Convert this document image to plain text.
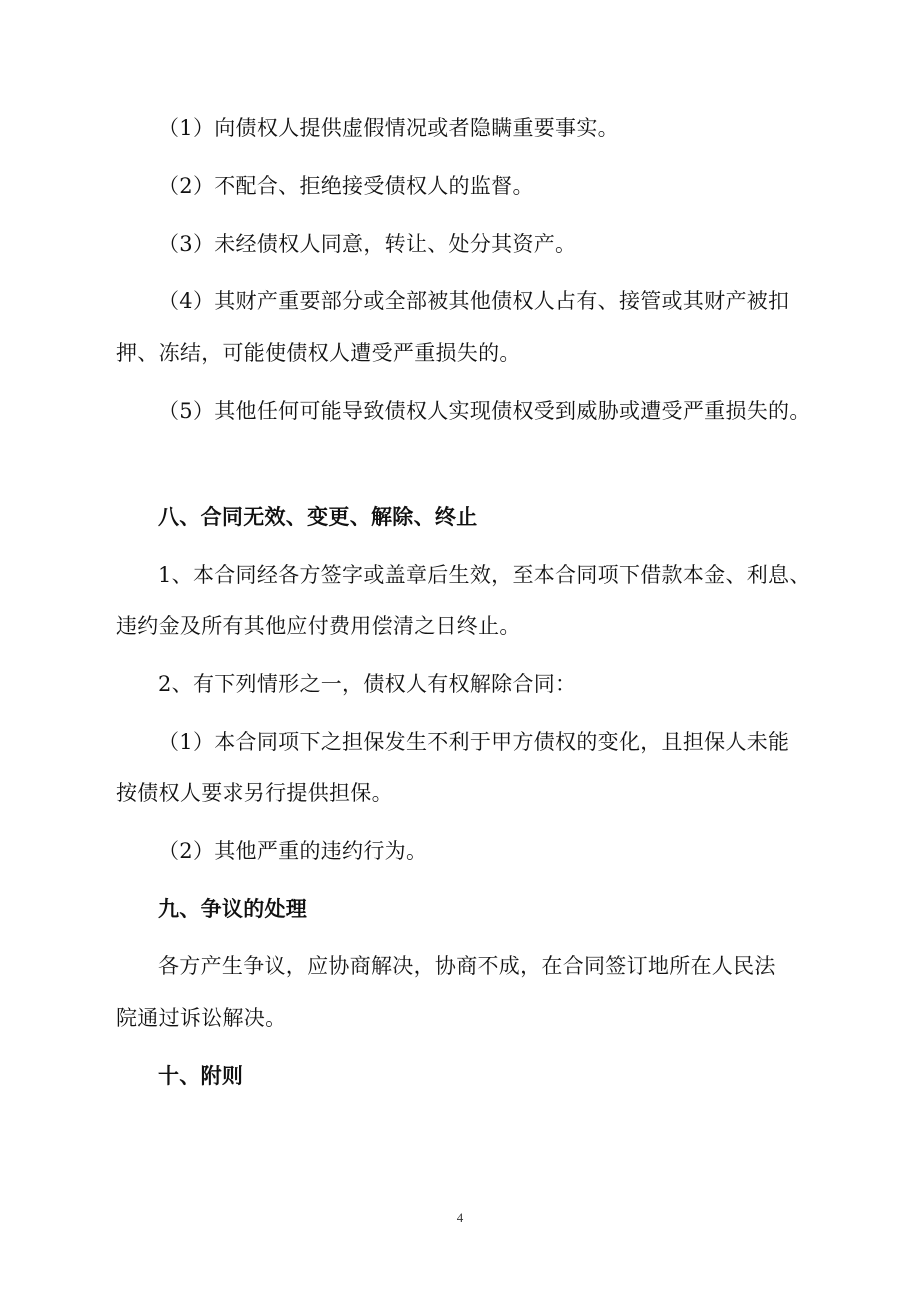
（1）向债权人提供虚假情况或者隐瞒重要事实。
（2）不配合、拒绝接受债权人的监督。
（3）未经债权人同意，转让、处分其资产。
（4）其财产重要部分或全部被其他债权人占有、接管或其财产被扣
押、冻结，可能使债权人遭受严重损失的。
（5）其他任何可能导致债权人实现债权受到威胁或遭受严重损失的。
八、合同无效、变更、解除、终止
1、本合同经各方签字或盖章后生效，至本合同项下借款本金、利息、
违约金及所有其他应付费用偿清之日终止。
2、有下列情形之一，债权人有权解除合同：
（1）本合同项下之担保发生不利于甲方债权的变化，且担保人未能
按债权人要求另行提供担保。
（2）其他严重的违约行为。
九、争议的处理
各方产生争议，应协商解决，协商不成，在合同签订地所在人民法
院通过诉讼解决。
十、附则
4
